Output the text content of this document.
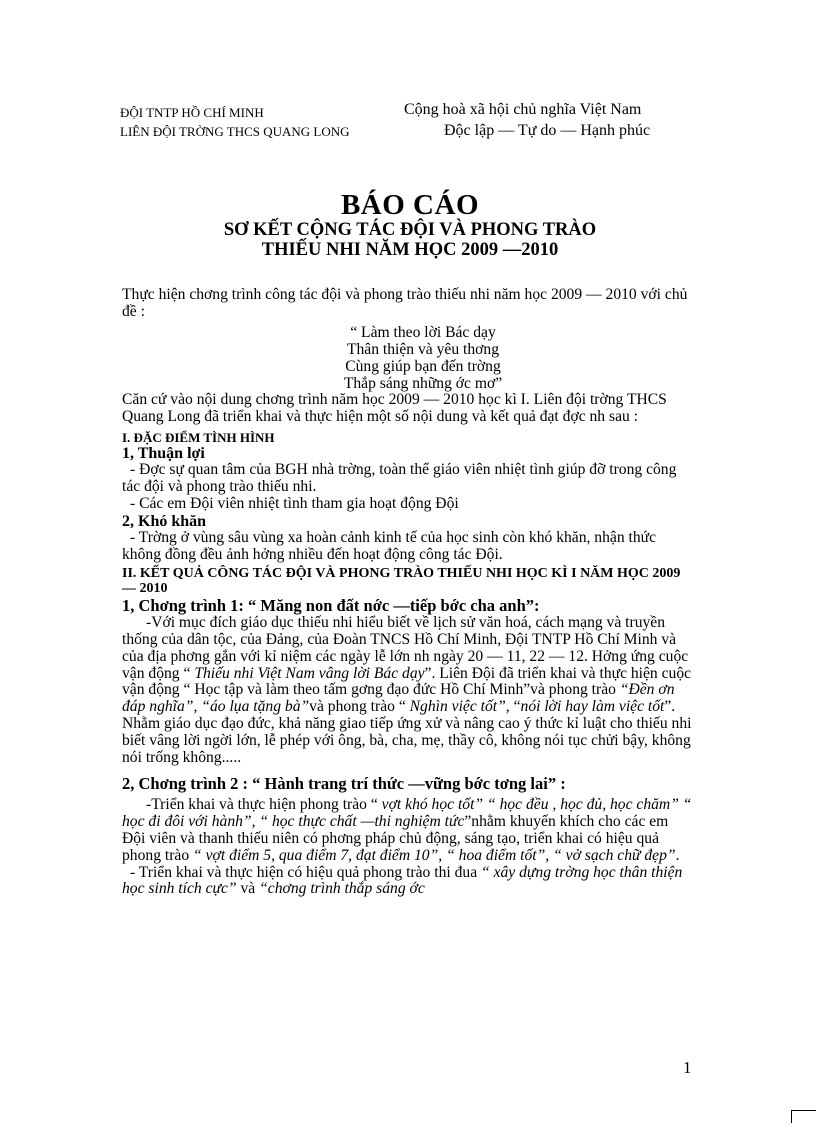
ĐỘI TNTP HỒ CHÍ MINH
LIÊN ĐỘI TRỜNG THCS QUANG LONG
Cộng hoà xã hội chủ nghĩa Việt Nam
Độc lập — Tự do — Hạnh phúc
BÁO CÁO
SƠ KẾT CỘNG TÁC ĐỘI VÀ PHONG TRÀO
THIẾU NHI NĂM HỌC 2009 —2010

Thực hiện chơng trình công tác đội và phong trào thiếu nhi năm học 2009 — 2010 với chủ đề :

“ Làm theo lời Bác dạy

Thân thiện và yêu thơng

Cùng giúp bạn đến trờng

Thắp sáng những ớc mơ”

Căn cứ vào nội dung chơng trình năm học 2009 — 2010 học kì I. Liên đội trờng THCS Quang Long đã triển khai và thực hiện một số nội dung và kết quả đạt đợc nh sau :

I. ĐẶC ĐIỂM TÌNH HÌNH

1, Thuận lợi

- Đợc sự quan tâm của BGH nhà trờng, toàn thể giáo viên nhiệt tình giúp đỡ trong công tác đội và phong trào thiếu nhi.

- Các em Đội viên nhiệt tình tham gia hoạt động Đội

2, Khó khăn

- Trờng ở vùng sâu vùng xa hoàn cảnh kinh tế của học sinh còn khó khăn, nhận thức không đồng đều ảnh hởng nhiều đến hoạt động công tác Đội.

II. KẾT QUẢ CÔNG TÁC ĐỘI VÀ PHONG TRÀO THIẾU NHI HỌC KÌ I NĂM HỌC 2009 — 2010

1, Chơng trình 1: “ Măng non đất nớc —tiếp bớc cha anh”:

-Với mục đích giáo dục thiếu nhi hiểu biết về lịch sử văn hoá, cách mạng và truyền thống của dân tộc, của Đảng, của Đoàn TNCS Hồ Chí Minh, Đội TNTP Hồ Chí Minh và của địa phơng gắn với kỉ niệm các ngày lễ lớn nh ngày 20 — 11, 22 — 12. Hởng ứng cuộc vận động “ Thiếu nhi Việt Nam vâng lời Bác dạy”. Liên Đội đã triển khai và thực hiện cuộc vận động “ Học tập và làm theo tấm gơng đạo đức Hồ Chí Minh”và phong trào “Đền ơn đáp nghĩa”, “áo lụa tặng bà”và phong trào “ Nghìn việc tốt”, “nói lời hay làm việc tốt”. Nhằm giáo dục đạo đức, khả năng giao tiếp ứng xử và nâng cao ý thức kỉ luật cho thiếu nhi biết vâng lời ngời lớn, lễ phép với ông, bà, cha, mẹ, thầy cô, không nói tục chửi bậy, không nói trống không.....

2, Chơng trình 2 : “ Hành trang trí thức —vững bớc tơng lai” :

-Triển khai và thực hiện phong trào “ vợt khó học tốt” “ học đều , học đủ, học chăm” “ học đi đôi với hành”, “ học thực chất —thi nghiệm tức”nhằm khuyến khích cho các em Đội viên và thanh thiếu niên có phơng pháp chủ động, sáng tạo, triển khai có hiệu quả phong trào “ vợt điểm 5, qua điểm 7, đạt điểm 10”, “ hoa điểm tốt”, “ vở sạch chữ đẹp”.

- Triển khai và thực hiện có hiệu quả phong trào thi đua “ xây dựng trờng học thân thiện học sinh tích cực” và “chơng trình thắp sáng ớc

1
